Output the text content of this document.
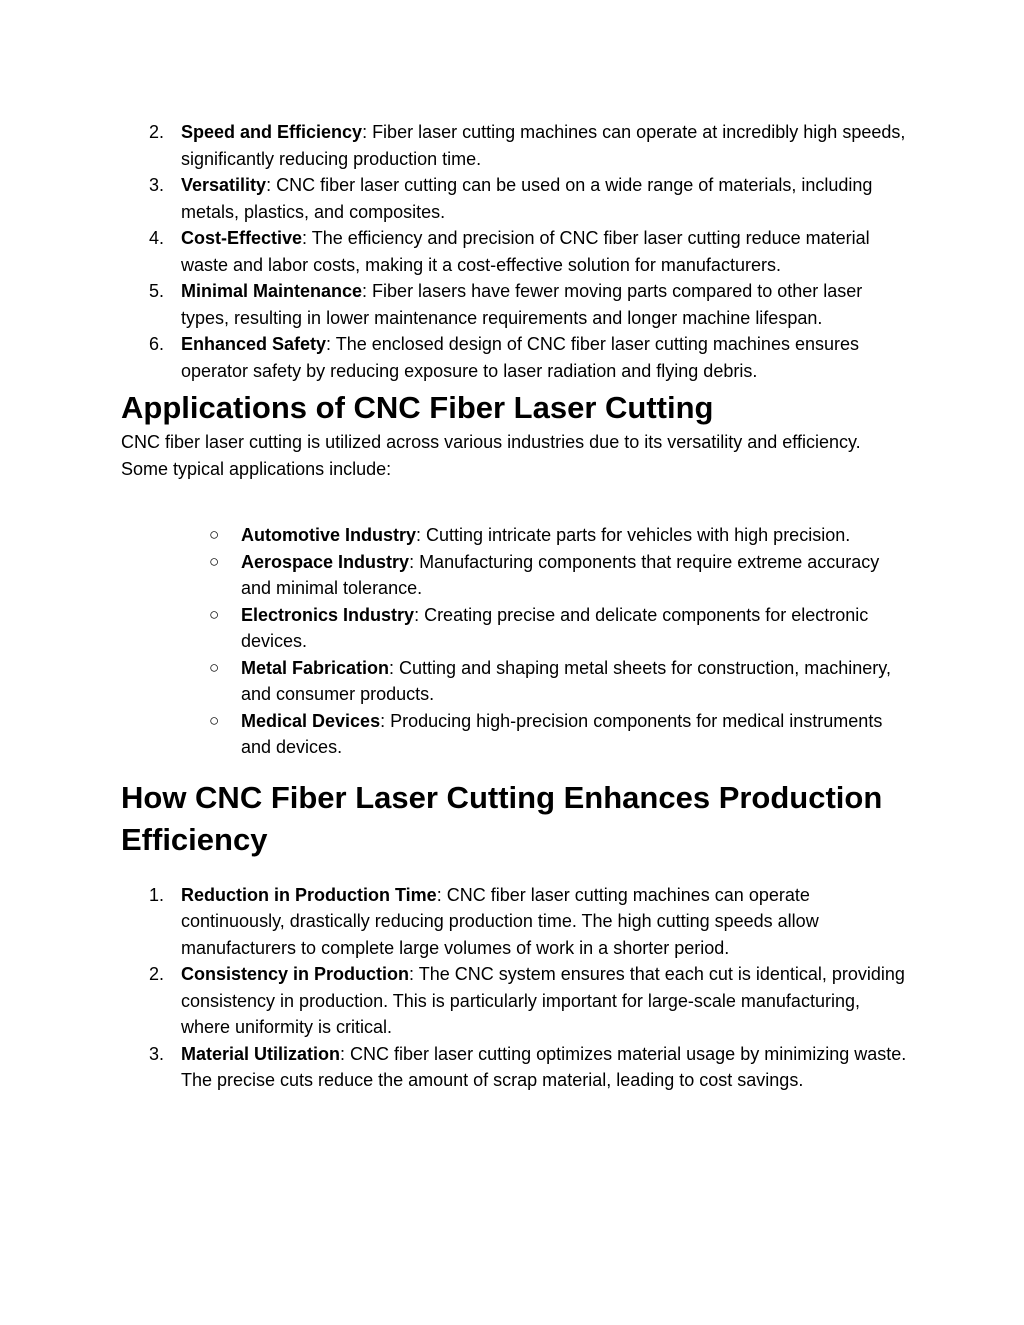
2. Speed and Efficiency: Fiber laser cutting machines can operate at incredibly high speeds, significantly reducing production time.
3. Versatility: CNC fiber laser cutting can be used on a wide range of materials, including metals, plastics, and composites.
4. Cost-Effective: The efficiency and precision of CNC fiber laser cutting reduce material waste and labor costs, making it a cost-effective solution for manufacturers.
5. Minimal Maintenance: Fiber lasers have fewer moving parts compared to other laser types, resulting in lower maintenance requirements and longer machine lifespan.
6. Enhanced Safety: The enclosed design of CNC fiber laser cutting machines ensures operator safety by reducing exposure to laser radiation and flying debris.
Applications of CNC Fiber Laser Cutting

CNC fiber laser cutting is utilized across various industries due to its versatility and efficiency. Some typical applications include:

○ Automotive Industry: Cutting intricate parts for vehicles with high precision.
○ Aerospace Industry: Manufacturing components that require extreme accuracy and minimal tolerance.
○ Electronics Industry: Creating precise and delicate components for electronic devices.
○ Metal Fabrication: Cutting and shaping metal sheets for construction, machinery, and consumer products.
○ Medical Devices: Producing high-precision components for medical instruments and devices.
How CNC Fiber Laser Cutting Enhances Production Efficiency
1. Reduction in Production Time: CNC fiber laser cutting machines can operate continuously, drastically reducing production time. The high cutting speeds allow manufacturers to complete large volumes of work in a shorter period.
2. Consistency in Production: The CNC system ensures that each cut is identical, providing consistency in production. This is particularly important for large-scale manufacturing, where uniformity is critical.
3. Material Utilization: CNC fiber laser cutting optimizes material usage by minimizing waste. The precise cuts reduce the amount of scrap material, leading to cost savings.
